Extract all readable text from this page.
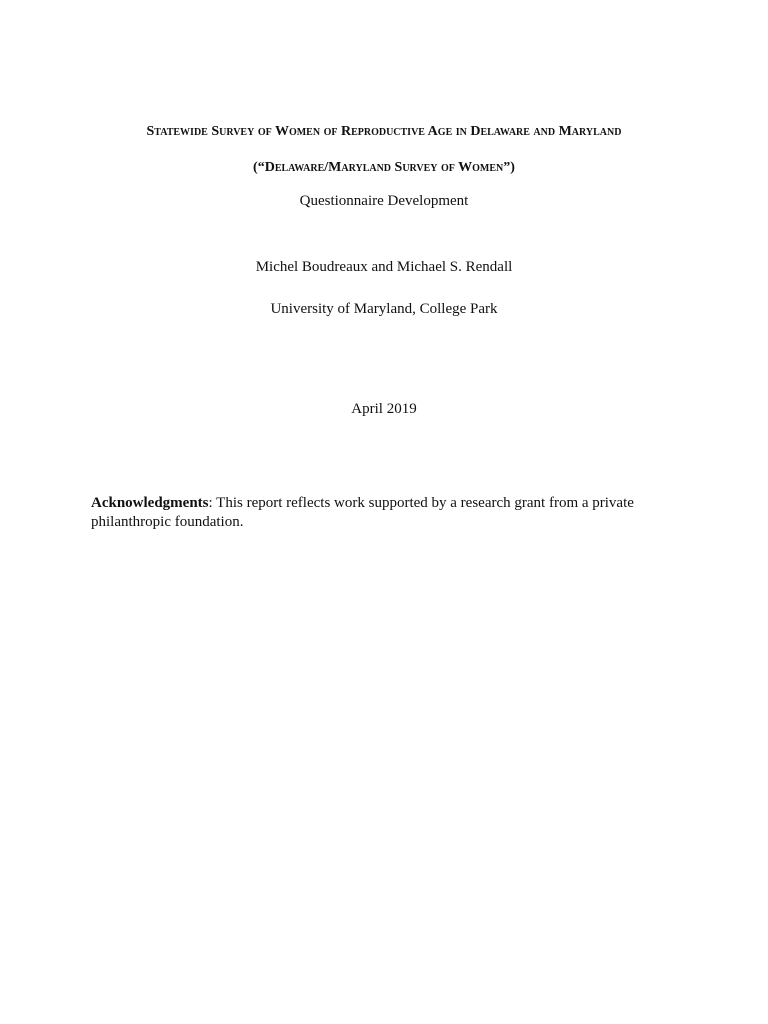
Statewide Survey of Women of Reproductive Age in Delaware and Maryland
(“Delaware/Maryland Survey of Women”)
Questionnaire Development
Michel Boudreaux and Michael S. Rendall
University of Maryland, College Park
April 2019
Acknowledgments: This report reflects work supported by a research grant from a private philanthropic foundation.
